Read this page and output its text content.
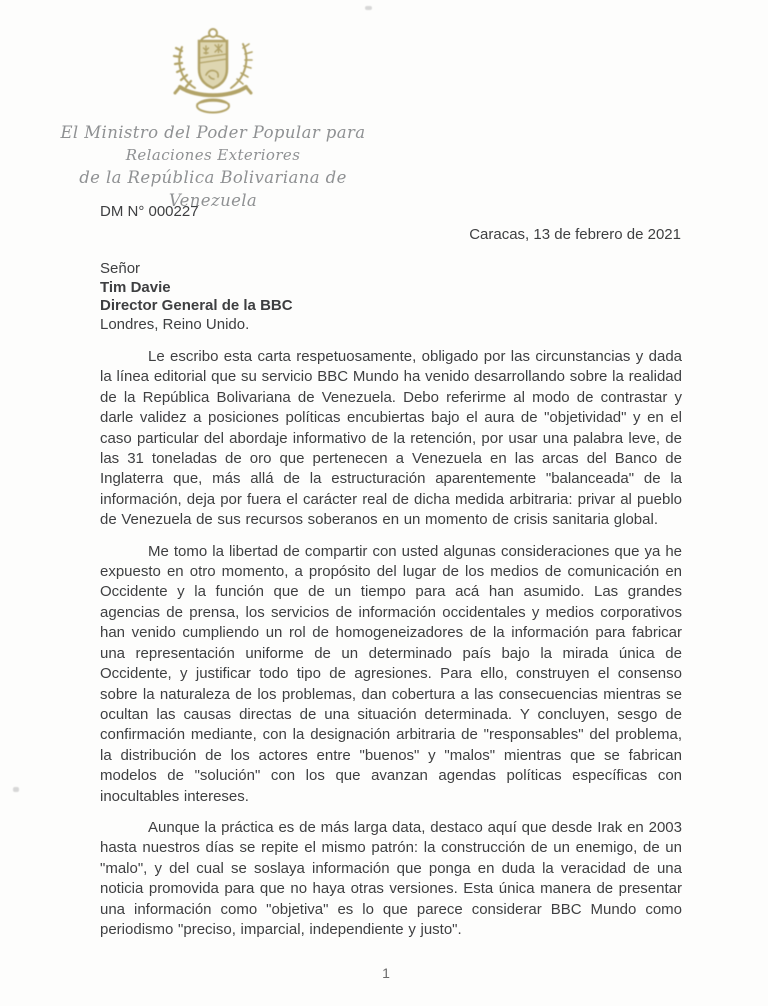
El Ministro del Poder Popular para
Relaciones Exteriores
de la República Bolivariana de Venezuela
DM N° 000227
Caracas, 13 de febrero de 2021
Señor
Tim Davie
Director General de la BBC
Londres, Reino Unido.

Le escribo esta carta respetuosamente, obligado por las circunstancias y dada la línea editorial que su servicio BBC Mundo ha venido desarrollando sobre la realidad de la República Bolivariana de Venezuela. Debo referirme al modo de contrastar y darle validez a posiciones políticas encubiertas bajo el aura de "objetividad" y en el caso particular del abordaje informativo de la retención, por usar una palabra leve, de las 31 toneladas de oro que pertenecen a Venezuela en las arcas del Banco de Inglaterra que, más allá de la estructuración aparentemente "balanceada" de la información, deja por fuera el carácter real de dicha medida arbitraria: privar al pueblo de Venezuela de sus recursos soberanos en un momento de crisis sanitaria global.

Me tomo la libertad de compartir con usted algunas consideraciones que ya he expuesto en otro momento, a propósito del lugar de los medios de comunicación en Occidente y la función que de un tiempo para acá han asumido. Las grandes agencias de prensa, los servicios de información occidentales y medios corporativos han venido cumpliendo un rol de homogeneizadores de la información para fabricar una representación uniforme de un determinado país bajo la mirada única de Occidente, y justificar todo tipo de agresiones. Para ello, construyen el consenso sobre la naturaleza de los problemas, dan cobertura a las consecuencias mientras se ocultan las causas directas de una situación determinada. Y concluyen, sesgo de confirmación mediante, con la designación arbitraria de "responsables" del problema, la distribución de los actores entre "buenos" y "malos" mientras que se fabrican modelos de "solución" con los que avanzan agendas políticas específicas con inocultables intereses.

Aunque la práctica es de más larga data, destaco aquí que desde Irak en 2003 hasta nuestros días se repite el mismo patrón: la construcción de un enemigo, de un "malo", y del cual se soslaya información que ponga en duda la veracidad de una noticia promovida para que no haya otras versiones. Esta única manera de presentar una información como "objetiva" es lo que parece considerar BBC Mundo como periodismo "preciso, imparcial, independiente y justo".

1
